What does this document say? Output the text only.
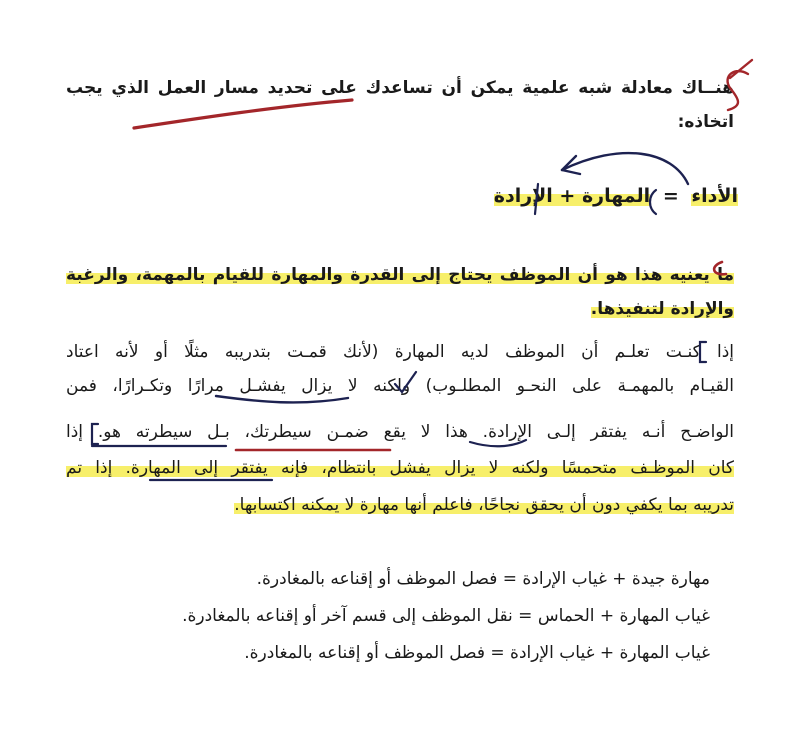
هنــاك معادلة شبه علمية يمكن أن تساعدك على تحديد مسار العمل الذي يجب
اتخاذه:
الأداء = المهارة + الإرادة
ما يعنيه هذا هو أن الموظف يحتاج إلى القدرة والمهارة للقيام بالمهمة، والرغبة
والإرادة لتنفيذها.
إذا كنـت تعلـم أن الموظف لديه المهارة (لأنك قمـت بتدريبه مثلًا أو لأنه اعتاد
القيـام بالمهمـة على النحـو المطلـوب) ولكنه لا يزال يفشـل مرارًا وتكـرارًا، فمن
الواضـح أنـه يفتقر إلـى الإرادة. هذا لا يقع ضمـن سيطرتك، بـل سيطرته هو. إذا
كان الموظـف متحمسًا ولكنه لا يزال يفشل بانتظام، فإنه يفتقر إلى المهارة. إذا تم
تدريبه بما يكفي دون أن يحقق نجاحًا، فاعلم أنها مهارة لا يمكنه اكتسابها.
مهارة جيدة + غياب الإرادة = فصل الموظف أو إقناعه بالمغادرة.
غياب المهارة + الحماس = نقل الموظف إلى قسم آخر أو إقناعه بالمغادرة.
غياب المهارة + غياب الإرادة = فصل الموظف أو إقناعه بالمغادرة.
